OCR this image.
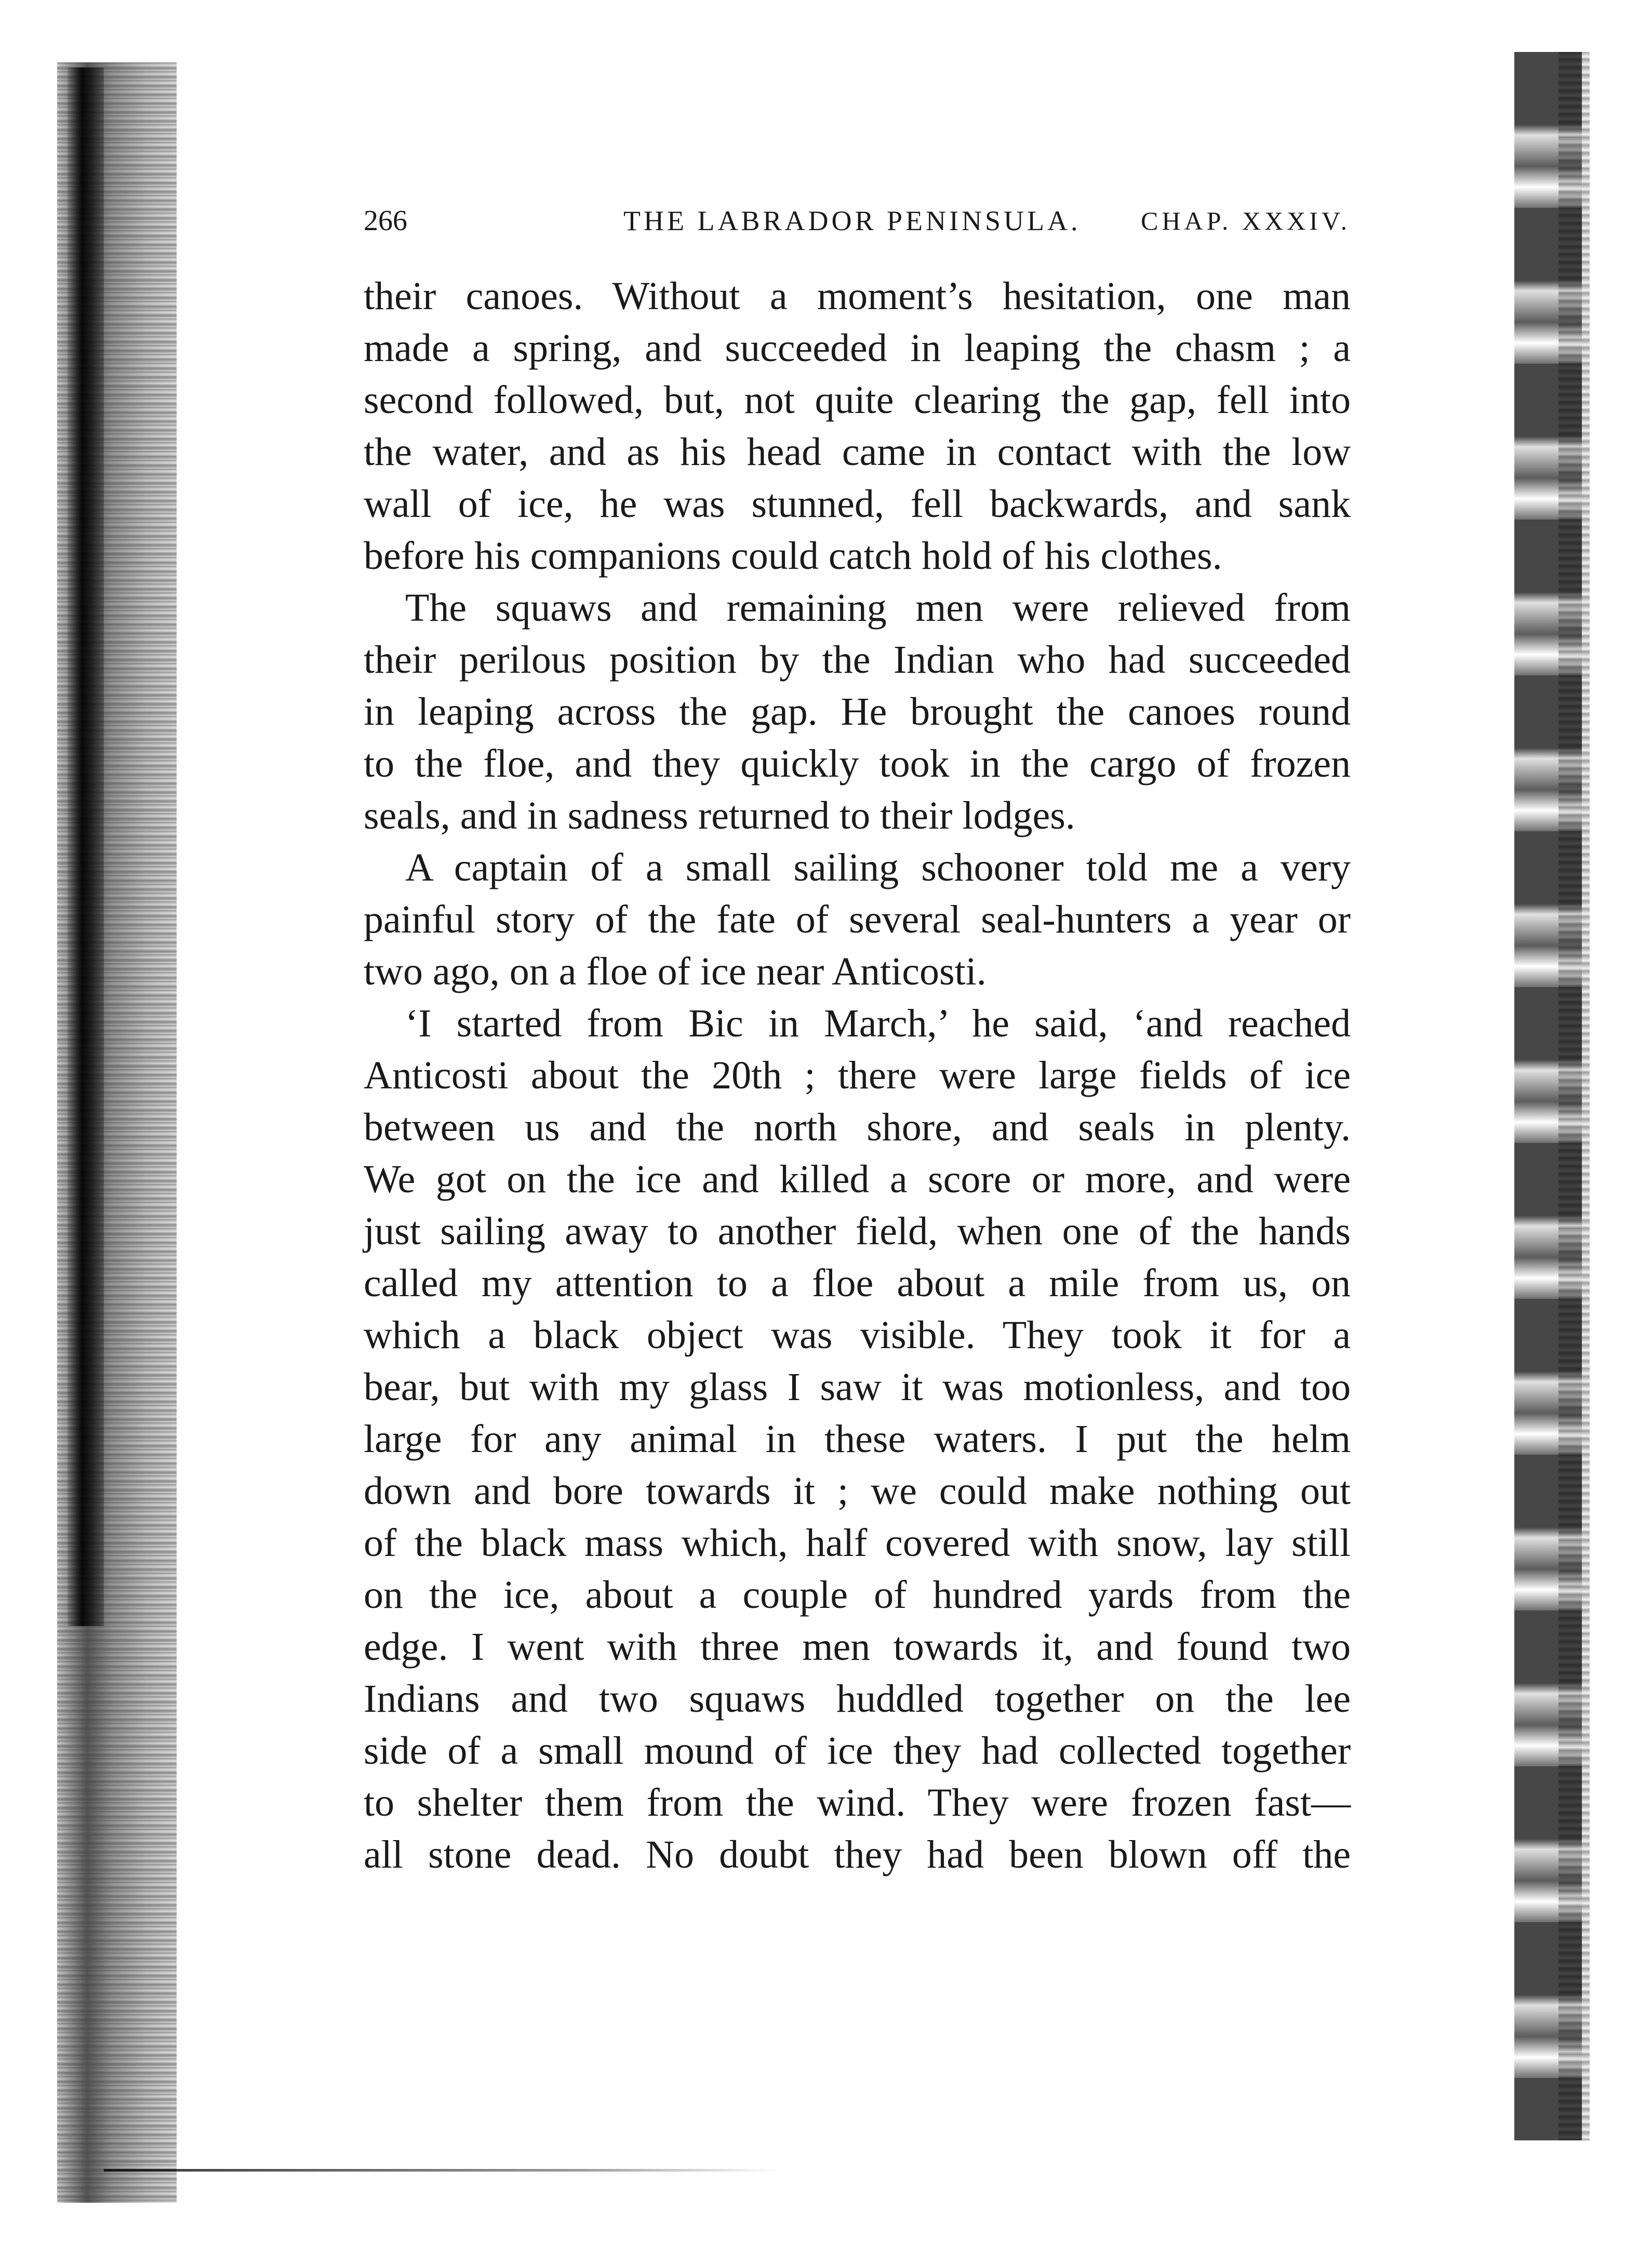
266	THE LABRADOR PENINSULA. CHAP. XXXIV.
their canoes. Without a moment’s hesitation, one man
made a spring, and succeeded in leaping the chasm ; a
second followed, but, not quite clearing the gap, fell into
the water, and as his head came in contact with the low
wall of ice, he was stunned, fell backwards, and sank
before his companions could catch hold of his clothes.
The squaws and remaining men were relieved from
their perilous position by the Indian who had succeeded
in leaping across the gap. He brought the canoes round
to the floe, and they quickly took in the cargo of frozen
seals, and in sadness returned to their lodges.
A captain of a small sailing schooner told me a very
painful story of the fate of several seal-hunters a year or
two ago, on a floe of ice near Anticosti.
‘I started from Bic in March,’ he said, ‘and reached
Anticosti about the 20th ; there were large fields of ice
between us and the north shore, and seals in plenty.
We got on the ice and killed a score or more, and were
just sailing away to another field, when one of the hands
called my attention to a floe about a mile from us, on
which a black object was visible. They took it for a
bear, but with my glass I saw it was motionless, and too
large for any animal in these waters. I put the helm
down and bore towards it ; we could make nothing out
of the black mass which, half covered with snow, lay still
on the ice, about a couple of hundred yards from the
edge. I went with three men towards it, and found two
Indians and two squaws huddled together on the lee
side of a small mound of ice they had collected together
to shelter them from the wind. They were frozen fast—
all stone dead. No doubt they had been blown off the
